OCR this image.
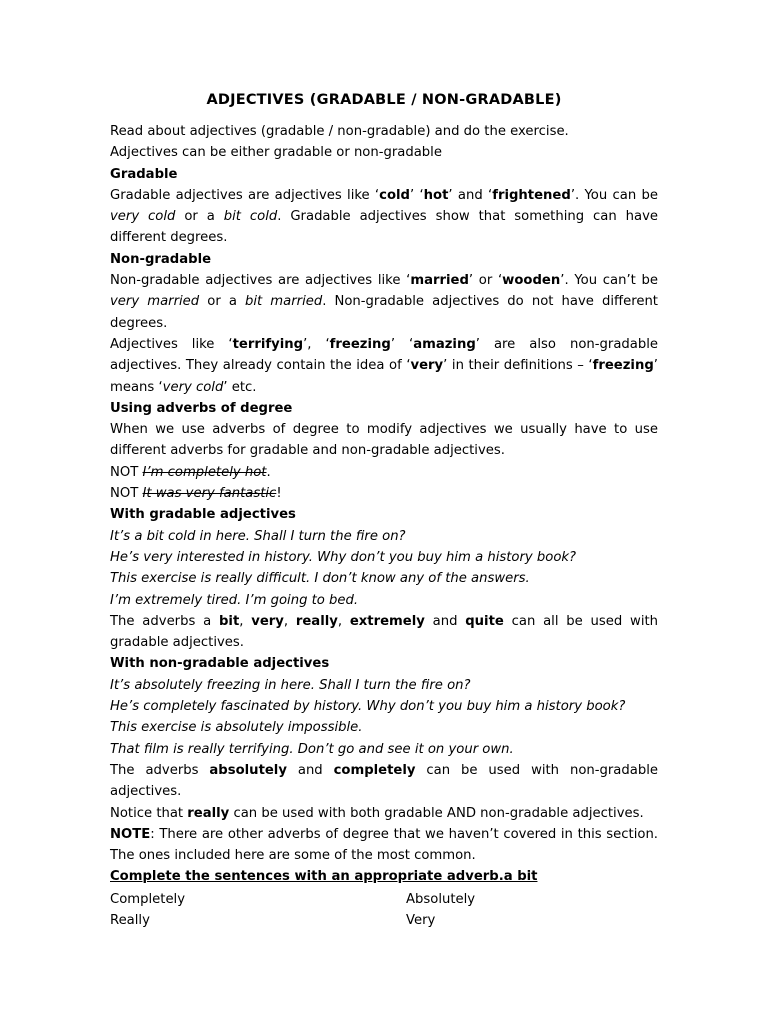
ADJECTIVES (GRADABLE / NON-GRADABLE)

Read about adjectives (gradable / non-gradable) and do the exercise.

Adjectives can be either gradable or non-gradable

Gradable

Gradable adjectives are adjectives like ‘cold’ ‘hot’ and ‘frightened’. You can be very cold or a bit cold. Gradable adjectives show that something can have different degrees.

Non-gradable

Non-gradable adjectives are adjectives like ‘married’ or ‘wooden’. You can’t be very married or a bit married. Non-gradable adjectives do not have different degrees.

Adjectives like ‘terrifying’, ‘freezing’ ‘amazing’ are also non-gradable adjectives. They already contain the idea of ‘very’ in their definitions – ‘freezing’ means ‘very cold’ etc.

Using adverbs of degree

When we use adverbs of degree to modify adjectives we usually have to use different adverbs for gradable and non-gradable adjectives.

NOT I’m completely hot.

NOT It was very fantastic!

With gradable adjectives

It’s a bit cold in here. Shall I turn the fire on?

He’s very interested in history. Why don’t you buy him a history book?

This exercise is really difficult. I don’t know any of the answers.

I’m extremely tired. I’m going to bed.

The adverbs a bit, very, really, extremely and quite can all be used with gradable adjectives.

With non-gradable adjectives

It’s absolutely freezing in here. Shall I turn the fire on?

He’s completely fascinated by history. Why don’t you buy him a history book?

This exercise is absolutely impossible.

That film is really terrifying. Don’t go and see it on your own.

The adverbs absolutely and completely can be used with non-gradable adjectives.

Notice that really can be used with both gradable AND non-gradable adjectives.

NOTE: There are other adverbs of degree that we haven’t covered in this section. The ones included here are some of the most common.

Complete the sentences with an appropriate adverb.a bit

Completely	Absolutely
Really	Very
